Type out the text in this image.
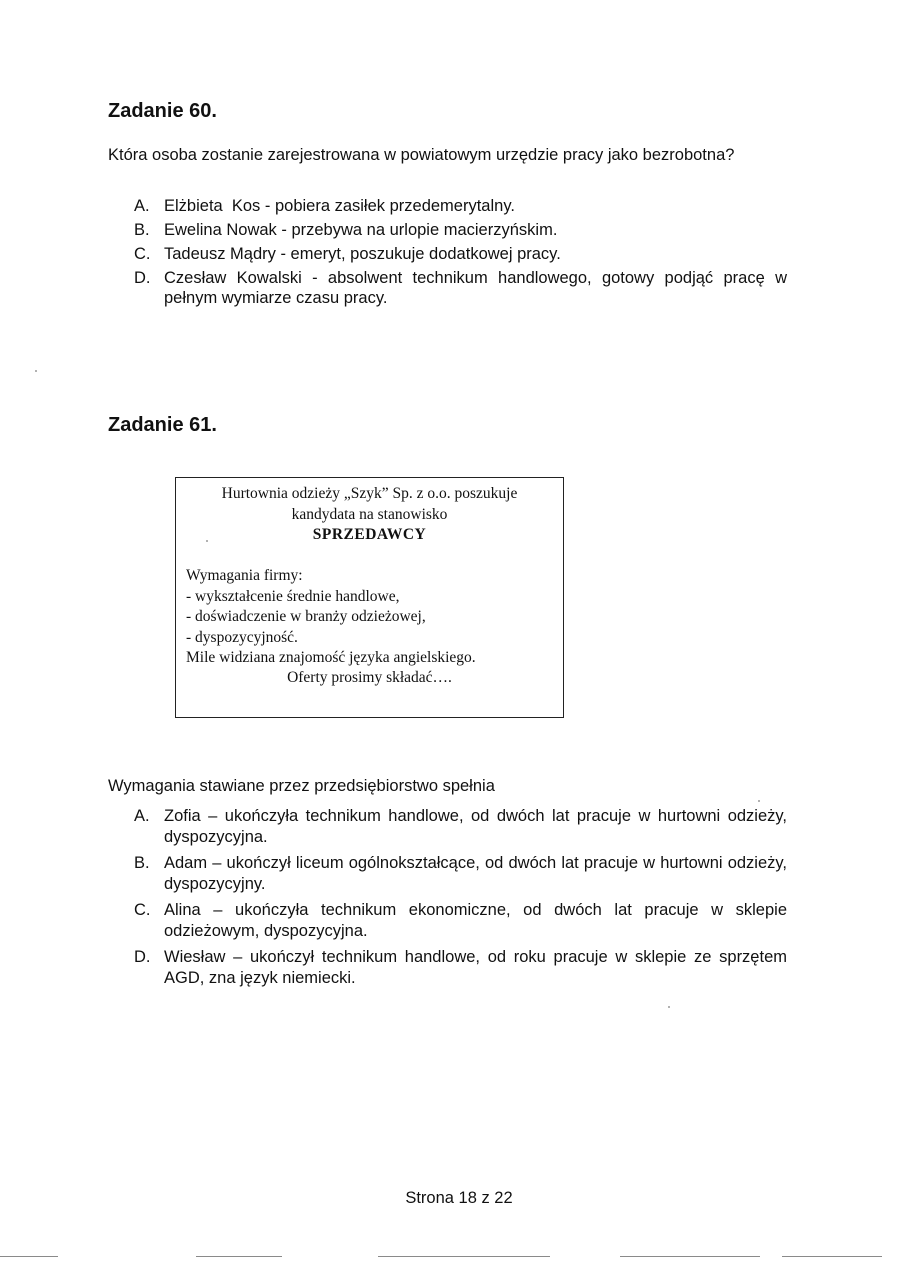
Zadanie 60.

Która osoba zostanie zarejestrowana w powiatowym urzędzie pracy jako bezrobotna?

A. Elżbieta  Kos - pobiera zasiłek przedemerytalny.
B. Ewelina Nowak - przebywa na urlopie macierzyńskim.
C. Tadeusz Mądry - emeryt, poszukuje dodatkowej pracy.
D. Czesław Kowalski - absolwent technikum handlowego, gotowy podjąć pracę w pełnym wymiarze czasu pracy.
Zadanie 61.

Hurtownia odzieży „Szyk” Sp. z o.o. poszukuje

kandydata na stanowisko

SPRZEDAWCY

Wymagania firmy:

- wykształcenie średnie handlowe,

- doświadczenie w branży odzieżowej,

- dyspozycyjność.

Mile widziana znajomość języka angielskiego.

Oferty prosimy składać….

Wymagania stawiane przez przedsiębiorstwo spełnia

A. Zofia – ukończyła technikum handlowe, od dwóch lat pracuje w hurtowni odzieży, dyspozycyjna.
B. Adam – ukończył liceum ogólnokształcące, od dwóch lat pracuje w hurtowni odzieży, dyspozycyjny.
C. Alina – ukończyła technikum ekonomiczne, od dwóch lat pracuje w sklepie odzieżowym, dyspozycyjna.
D. Wiesław – ukończył technikum handlowe, od roku pracuje w sklepie ze sprzętem AGD, zna język niemiecki.
Strona 18 z 22
